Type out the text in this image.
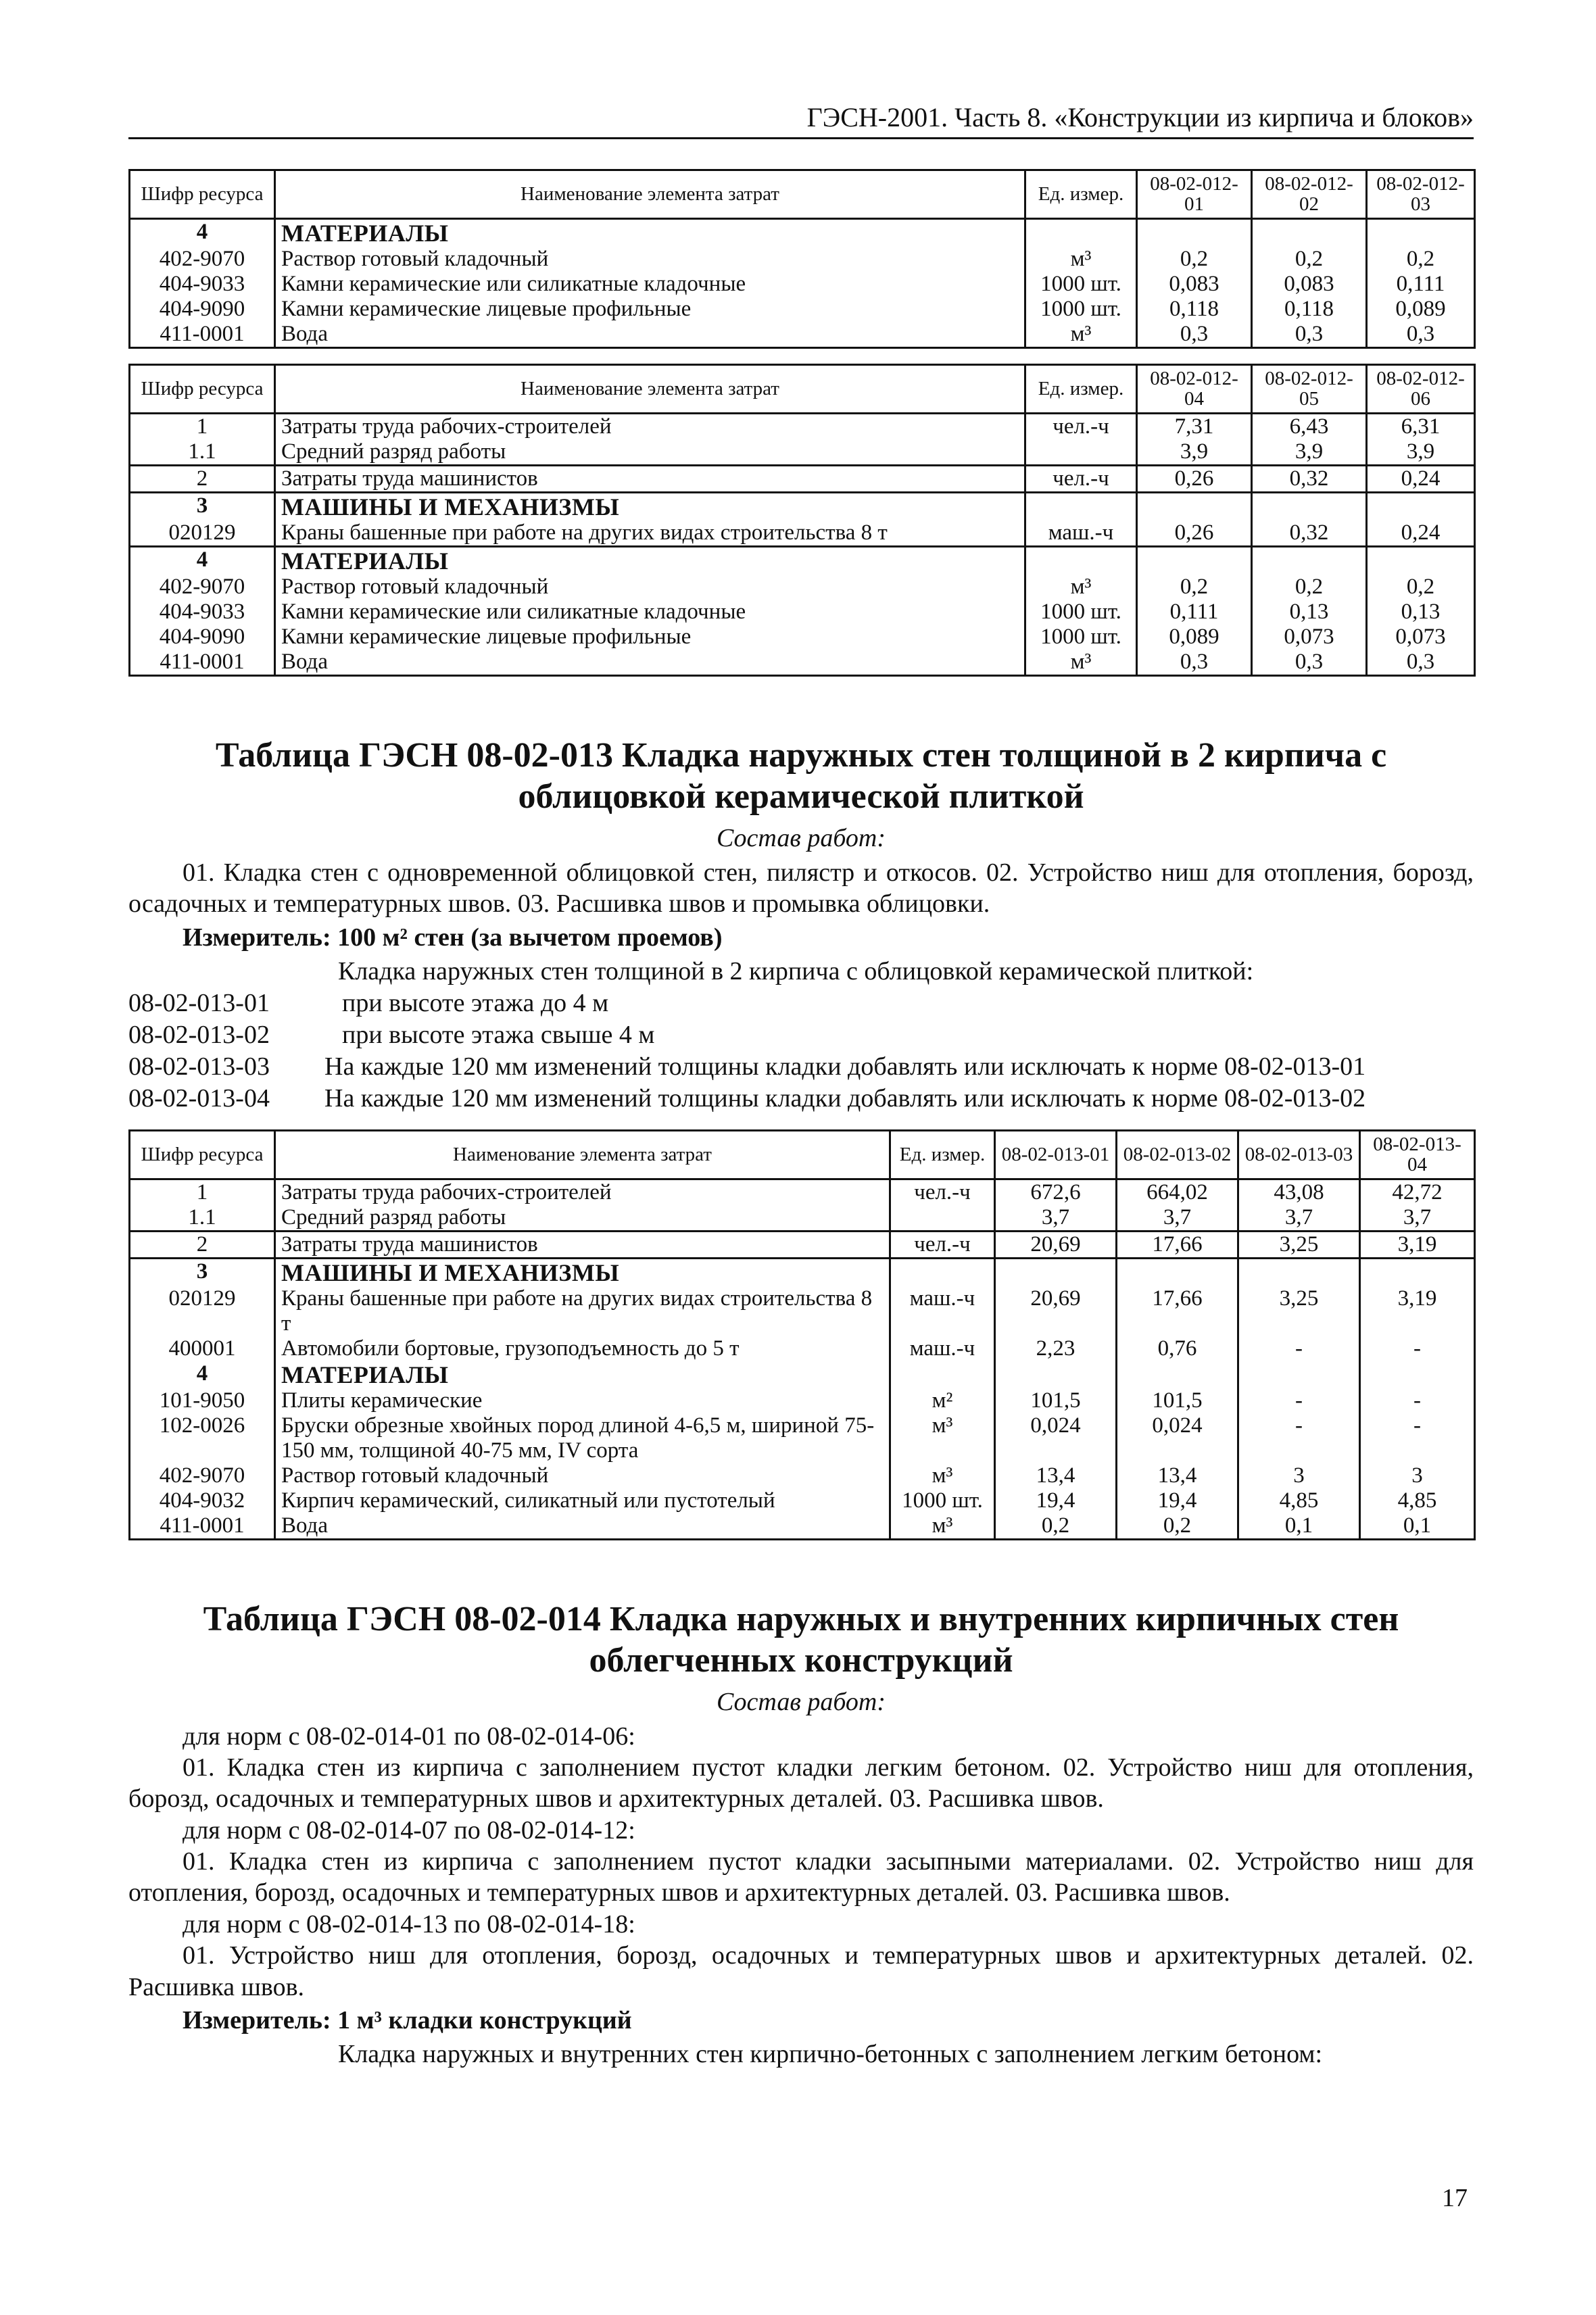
ГЭСН-2001. Часть 8. «Конструкции из кирпича и блоков»
Шифр ресурса	Наименование элемента затрат	Ед. измер.	08-02-012-01	08-02-012-02	08-02-012-03
4	МАТЕРИАЛЫ				
402-9070	Раствор готовый кладочный	м³	0,2	0,2	0,2
404-9033	Камни керамические или силикатные кладочные	1000 шт.	0,083	0,083	0,111
404-9090	Камни керамические лицевые профильные	1000 шт.	0,118	0,118	0,089
411-0001	Вода	м³	0,3	0,3	0,3
Шифр ресурса	Наименование элемента затрат	Ед. измер.	08-02-012-04	08-02-012-05	08-02-012-06
1	Затраты труда рабочих-строителей	чел.-ч	7,31	6,43	6,31
1.1	Средний разряд работы		3,9	3,9	3,9
2	Затраты труда машинистов	чел.-ч	0,26	0,32	0,24
3	МАШИНЫ И МЕХАНИЗМЫ				
020129	Краны башенные при работе на других видах строительства 8 т	маш.-ч	0,26	0,32	0,24
4	МАТЕРИАЛЫ				
402-9070	Раствор готовый кладочный	м³	0,2	0,2	0,2
404-9033	Камни керамические или силикатные кладочные	1000 шт.	0,111	0,13	0,13
404-9090	Камни керамические лицевые профильные	1000 шт.	0,089	0,073	0,073
411-0001	Вода	м³	0,3	0,3	0,3
Таблица ГЭСН 08-02-013 Кладка наружных стен толщиной в 2 кирпича с облицовкой керамической плиткой
Состав работ:

01. Кладка стен с одновременной облицовкой стен, пилястр и откосов. 02. Устройство ниш для отопления, борозд, осадочных и температурных швов. 03. Расшивка швов и промывка облицовки.

Измеритель: 100 м² стен (за вычетом проемов)
Кладка наружных стен толщиной в 2 кирпича с облицовкой керамической плиткой:
08-02-013-01	при высоте этажа до 4 м
08-02-013-02	при высоте этажа свыше 4 м
08-02-013-03	На каждые 120 мм изменений толщины кладки добавлять или исключать к норме 08-02-013-01
08-02-013-04	На каждые 120 мм изменений толщины кладки добавлять или исключать к норме 08-02-013-02
Шифр ресурса	Наименование элемента затрат	Ед. измер.	08-02-013-01	08-02-013-02	08-02-013-03	08-02-013-04
1	Затраты труда рабочих-строителей	чел.-ч	672,6	664,02	43,08	42,72
1.1	Средний разряд работы		3,7	3,7	3,7	3,7
2	Затраты труда машинистов	чел.-ч	20,69	17,66	3,25	3,19
3	МАШИНЫ И МЕХАНИЗМЫ					
020129	Краны башенные при работе на других видах строительства 8 т	маш.-ч	20,69	17,66	3,25	3,19
400001	Автомобили бортовые, грузоподъемность до 5 т	маш.-ч	2,23	0,76	-	-
4	МАТЕРИАЛЫ					
101-9050	Плиты керамические	м²	101,5	101,5	-	-
102-0026	Бруски обрезные хвойных пород длиной 4-6,5 м, шириной 75-150 мм, толщиной 40-75 мм, IV сорта	м³	0,024	0,024	-	-
402-9070	Раствор готовый кладочный	м³	13,4	13,4	3	3
404-9032	Кирпич керамический, силикатный или пустотелый	1000 шт.	19,4	19,4	4,85	4,85
411-0001	Вода	м³	0,2	0,2	0,1	0,1
Таблица ГЭСН 08-02-014 Кладка наружных и внутренних кирпичных стен облегченных конструкций
Состав работ:

для норм с 08-02-014-01 по 08-02-014-06:

01. Кладка стен из кирпича с заполнением пустот кладки легким бетоном. 02. Устройство ниш для отопления, борозд, осадочных и температурных швов и архитектурных деталей. 03. Расшивка швов.

для норм с 08-02-014-07 по 08-02-014-12:

01. Кладка стен из кирпича с заполнением пустот кладки засыпными материалами. 02. Устройство ниш для отопления, борозд, осадочных и температурных швов и архитектурных деталей. 03. Расшивка швов.

для норм с 08-02-014-13 по 08-02-014-18:

01. Устройство ниш для отопления, борозд, осадочных и температурных швов и архитектурных деталей. 02. Расшивка швов.

Измеритель: 1 м³ кладки конструкций
Кладка наружных и внутренних стен кирпично-бетонных с заполнением легким бетоном:
17
